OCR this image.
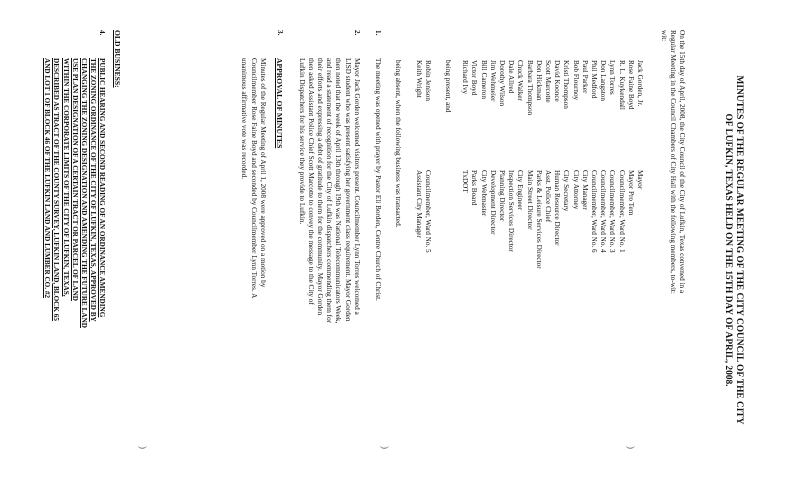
MINUTES OF THE REGULAR MEETING OF THE CITY COUNCIL OF THE CITY
OF LUFKIN, TEXAS HELD ON THE 15TH DAY OF APRIL, 2008.
On the 15th day of April, 2008, the City Council of the City of Lufkin, Texas convened in a
Regular Meeting in the Council Chambers of City Hall with the following members, to-wit:
wit:
Jack Gorden, Jr.
Mayor
Rose Faine Boyd
Mayor Pro Tem
R. L. Kuykendall
Councilmember, Ward No. 1
Lynn Torres
Councilmember, Ward No. 3
Don Langston
Councilmember, Ward No. 4
Phil Medford
Councilmember, Ward No. 6
Paul Parker
City Manager
Bob Flournoy
City Attorney
Kristi Thompson
City Secretary
David Koonce
Human Resource Director
Scott Marcotte
Asst. Police Chief
Don Hickman
Parks & Leisure Services Director
Barbara Thompson
Main Street Director
Chuck Walker
City Engineer
Dale Allred
Inspection Services Director
Dorothy Wilson
Planning Director
Jim Wehmeier
Development Director
Bill Cameron
City Webmaster
Victor Boyd
Parks Board
Richard Ivy
TxDOT
being present, and
Robin Jenison
Councilmember, Ward No. 5
Keith Wright
Assistant City Manager
being absent, when the following business was transacted.
1.
The meeting was opened with prayer by Pastor Eli Borden, Centre Church of Christ.
2.
Mayor Jack Gorden welcomed visitors present. Councilmember Lynn Torres welcomed a
LISD student who was present satisfying her government class requirement. Mayor Gorden
then noted that the week of April 13th through 19th was National Telecommunicators Week,
and read a statement of recognition for the City of Lufkin dispatchers commending them for
their efforts and expressing a debt of gratitude to them for the community. Mayor Gorden
then asked Assistant Police Chief Scott Marcotte to convey the message to the City of
Lufkin Dispatchers for his service they provide to Lufkin.
3.
APPROVAL OF MINUTES
Minutes of the Regular Meeting of April 1, 2008 were approved on a motion by
Councilmember Rose Faine Boyd and seconded by Councilmember Lynn Torres. A
unanimous affirmative vote was recorded.
OLD BUSINESS:
4.
PUBLIC HEARING AND SECOND READING OF AN ORDINANCE AMENDING
THE ZONING ORDINANCE OF THE CITY OF LUFKIN, TEXAS, APPROVED BY
CHANGING THE ZONING DESIGNATION AND AMENDING THE FUTURE LAND
USE PLAN DESIGNATION OF A CERTAIN TRACT OR PARCEL OF LAND
WITHIN THE CORPORATE LIMITS OF THE CITY OF LUFKIN, TEXAS,
DESCRIBED AS TRACT OF THE COUNTY SURVEY, LUFKIN LAND, BLOCK 65
AND LOT 1 OF BLOCK 46 OF THE LUFKIN LAND AND LUMBER CO. #2
)
)
)
